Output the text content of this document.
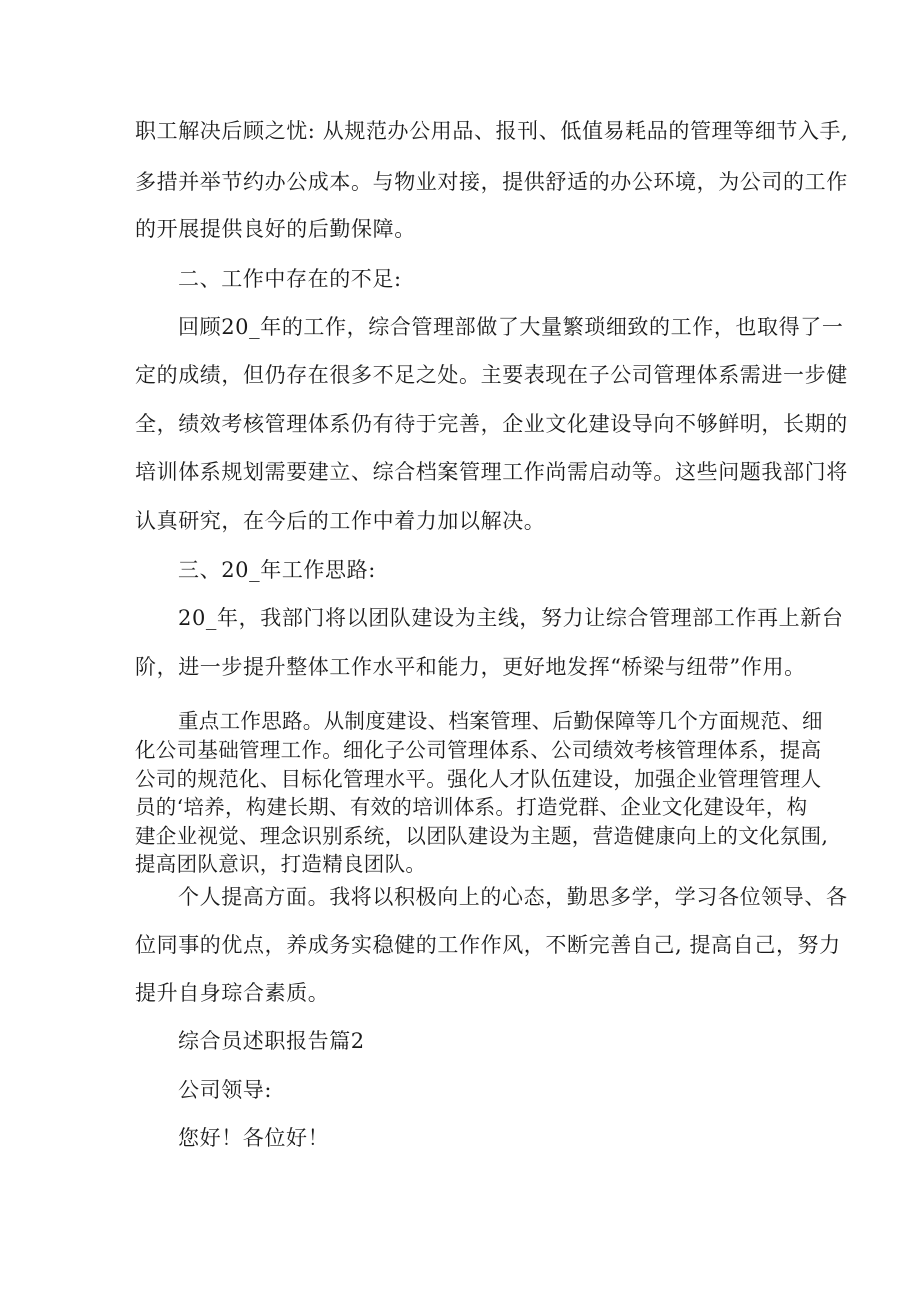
职工解决后顾之忧: 从规范办公用品、报刊、低值易耗品的管理等细节入手,
多措并举节约办公成本。与物业对接，提供舒适的办公环境，为公司的工作
的开展提供良好的后勤保障。
二、工作中存在的不足:
回顾20_年的工作，综合管理部做了大量繁琐细致的工作，也取得了一
定的成绩，但仍存在很多不足之处。主要表现在子公司管理体系需进一步健
全，绩效考核管理体系仍有待于完善，企业文化建设导向不够鲜明，长期的
培训体系规划需要建立、综合档案管理工作尚需启动等。这些问题我部门将
认真研究，在今后的工作中着力加以解决。
三、20_年工作思路:
20_年，我部门将以团队建设为主线，努力让综合管理部工作再上新台
阶，进一步提升整体工作水平和能力，更好地发挥“桥梁与纽带”作用。
重点工作思路。从制度建设、档案管理、后勤保障等几个方面规范、细
化公司基础管理工作。细化子公司管理体系、公司绩效考核管理体系，提高
公司的规范化、目标化管理水平。强化人才队伍建设，加强企业管理管理人
员的‘培养，构建长期、有效的培训体系。打造党群、企业文化建设年，构
建企业视觉、理念识别系统，以团队建设为主题，营造健康向上的文化氛围,
提高团队意识，打造精良团队。
个人提高方面。我将以积极向上的心态，勤思多学，学习各位领导、各
位同事的优点，养成务实稳健的工作作风，不断完善自己, 提高自己，努力
提升自身琮合素质。
综合员述职报告篇2
公司领导:
您好！各位好！
